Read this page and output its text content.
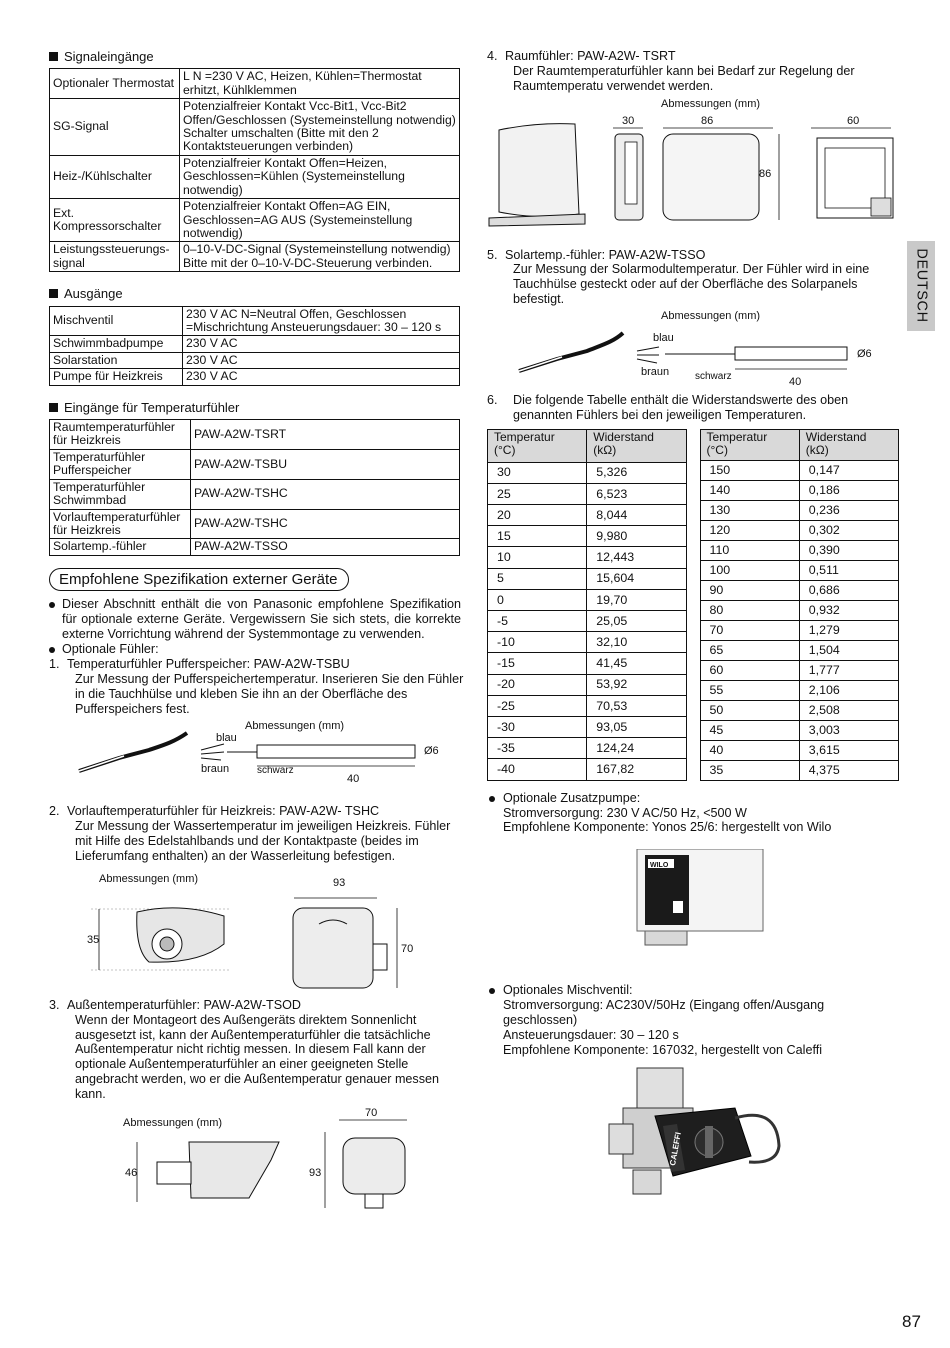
Signaleingänge
Optionaler Thermostat	L N =230 V AC, Heizen, Kühlen=Thermostat erhitzt, Kühlklemmen
SG-Signal	Potenzialfreier Kontakt Vcc-Bit1, Vcc-Bit2 Offen/Geschlossen (Systemeinstellung notwendig) Schalter umschalten (Bitte mit den 2 Kontaktsteuerungen verbinden)
Heiz-/Kühlschalter	Potenzialfreier Kontakt Offen=Heizen, Geschlossen=Kühlen (Systemeinstellung notwendig)
Ext. Kompressorschalter	Potenzialfreier Kontakt Offen=AG EIN, Geschlossen=AG AUS (Systemeinstellung notwendig)
Leistungssteuerungs-signal	0–10-V-DC-Signal (Systemeinstellung notwendig) Bitte mit der 0–10-V-DC-Steuerung verbinden.
Ausgänge
Mischventil	230 V AC N=Neutral Offen, Geschlossen =Mischrichtung Ansteuerungsdauer: 30 – 120 s
Schwimmbadpumpe	230 V AC
Solarstation	230 V AC
Pumpe für Heizkreis	230 V AC
Eingänge für Temperaturfühler
Raumtemperaturfühler für Heizkreis	PAW-A2W-TSRT
Temperaturfühler Pufferspeicher	PAW-A2W-TSBU
Temperaturfühler Schwimmbad	PAW-A2W-TSHC
Vorlauftemperaturfühler für Heizkreis	PAW-A2W-TSHC
Solartemp.-fühler	PAW-A2W-TSSO
Empfohlene Spezifikation externer Geräte
Dieser Abschnitt enthält die von Panasonic empfohlene Spezifikation für optionale externe Geräte. Vergewissern Sie sich stets, die korrekte externe Vorrichtung während der Systemmontage zu verwenden.
Optionale Fühler:
1. Temperaturfühler Pufferspeicher: PAW-A2W-TSBU
Zur Messung der Pufferspeichertemperatur. Inserieren Sie den Fühler in die Tauchhülse und kleben Sie ihn an der Oberfläche des Pufferspeichers fest.
Abmessungen (mm)
blau
Ø6
40
braun	schwarz
2. Vorlauftemperaturfühler für Heizkreis: PAW-A2W- TSHC
Zur Messung der Wassertemperatur im jeweiligen Heizkreis. Fühler mit Hilfe des Edelstahlbands und der Kontaktpaste (beides im Lieferumfang enthalten) an der Wasserleitung befestigen.
Abmessungen (mm)
35
93
70
3. Außentemperaturfühler: PAW-A2W-TSOD
Wenn der Montageort des Außengeräts direktem Sonnenlicht ausgesetzt ist, kann der Außentemperaturfühler die tatsächliche Außentemperatur nicht richtig messen. In diesem Fall kann der optionale Außentemperaturfühler an einer geeigneten Stelle angebracht werden, wo er die Außentemperatur genauer messen kann.
Abmessungen (mm)
46
70
93
4. Raumfühler: PAW-A2W- TSRT
Der Raumtemperaturfühler kann bei Bedarf zur Regelung der Raumtemperatu verwendet werden.
Abmessungen (mm)
30	86
86
60
5. Solartemp.-fühler: PAW-A2W-TSSO
Zur Messung der Solarmodultemperatur. Der Fühler wird in eine Tauchhülse gesteckt oder auf der Oberfläche des Solarpanels befestigt.
Abmessungen (mm)
blau
Ø6
40
braun	schwarz
6.	Die folgende Tabelle enthält die Widerstandswerte des oben genannten Fühlers bei den jeweiligen Temperaturen.
Temperatur
(°C)	Widerstand
(kΩ)
30	5,326
25	6,523
20	8,044
15	9,980
10	12,443
5	15,604
0	19,70
-5	25,05
-10	32,10
-15	41,45
-20	53,92
-25	70,53
-30	93,05
-35	124,24
-40	167,82
Temperatur
(°C)	Widerstand
(kΩ)
150	0,147
140	0,186
130	0,236
120	0,302
110	0,390
100	0,511
90	0,686
80	0,932
70	1,279
65	1,504
60	1,777
55	2,106
50	2,508
45	3,003
40	3,615
35	4,375
Optionale Zusatzpumpe:
Stromversorgung: 230 V AC/50 Hz, <500 W
Empfohlene Komponente: Yonos 25/6: hergestellt von Wilo
WILO
Optionales Mischventil:
Stromversorgung: AC230V/50Hz (Eingang offen/Ausgang geschlossen)
Ansteuerungsdauer: 30 – 120 s
Empfohlene Komponente: 167032, hergestellt von Caleffi
CALEFFI
DEUTSCH
87
